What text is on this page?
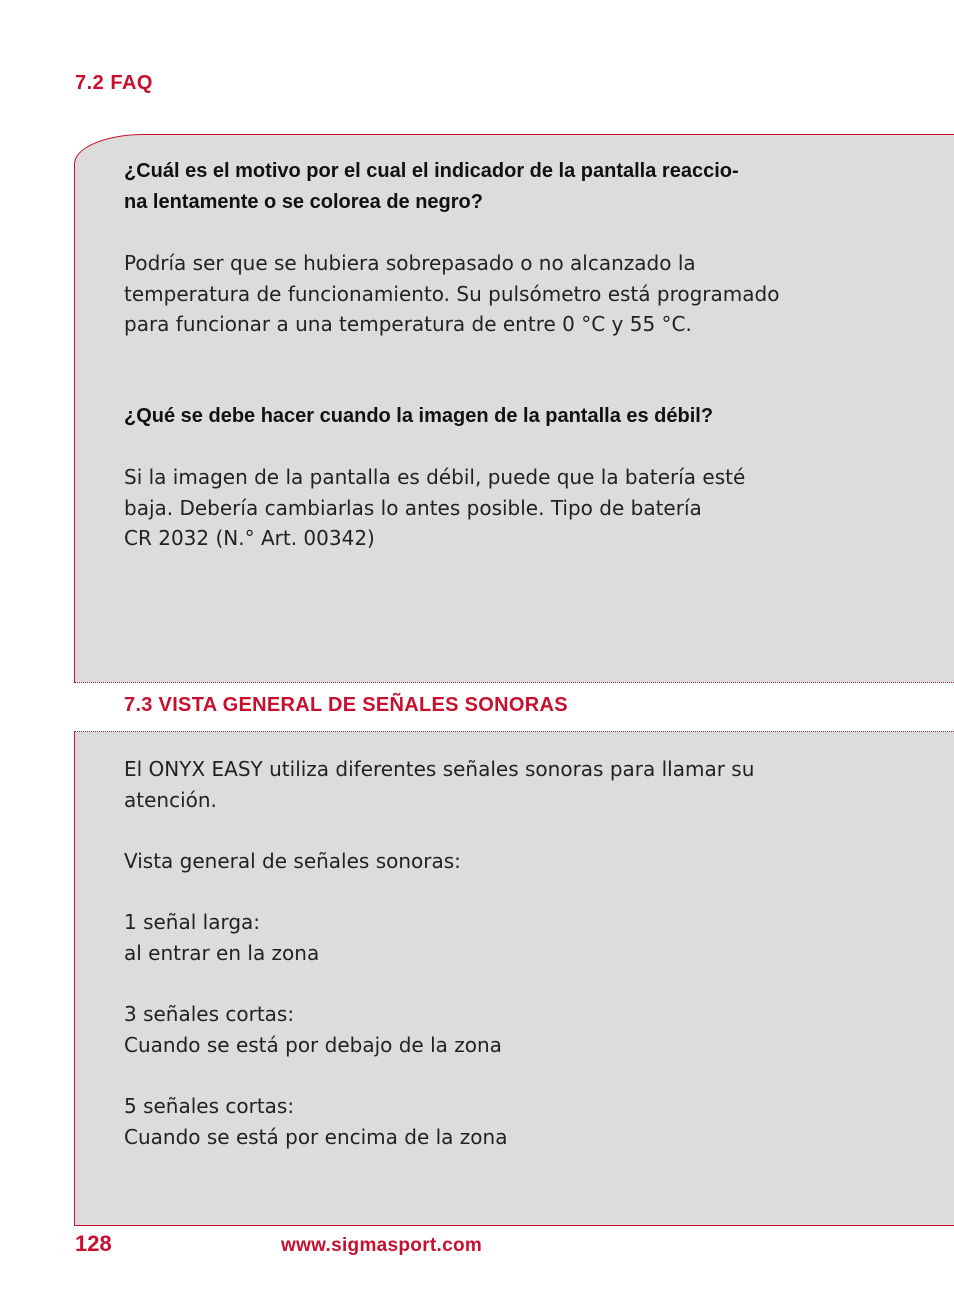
7.2 FAQ
¿Cuál es el motivo por el cual el indicador de la pantalla reaccio-
na lentamente o se colorea de negro?
Podría ser que se hubiera sobrepasado o no alcanzado la
temperatura de funcionamiento. Su pulsómetro está programado
para funcionar a una temperatura de entre 0 °C y 55 °C.
¿Qué se debe hacer cuando la imagen de la pantalla es débil?
Si la imagen de la pantalla es débil, puede que la batería esté
baja. Debería cambiarlas lo antes posible. Tipo de batería
CR 2032 (N.° Art. 00342)
7.3 VISTA GENERAL DE SEÑALES SONORAS
El ONYX EASY utiliza diferentes señales sonoras para llamar su
atención.
Vista general de señales sonoras:
1 señal larga:
al entrar en la zona
3 señales cortas:
Cuando se está por debajo de la zona
5 señales cortas:
Cuando se está por encima de la zona
128	www.sigmasport.com
